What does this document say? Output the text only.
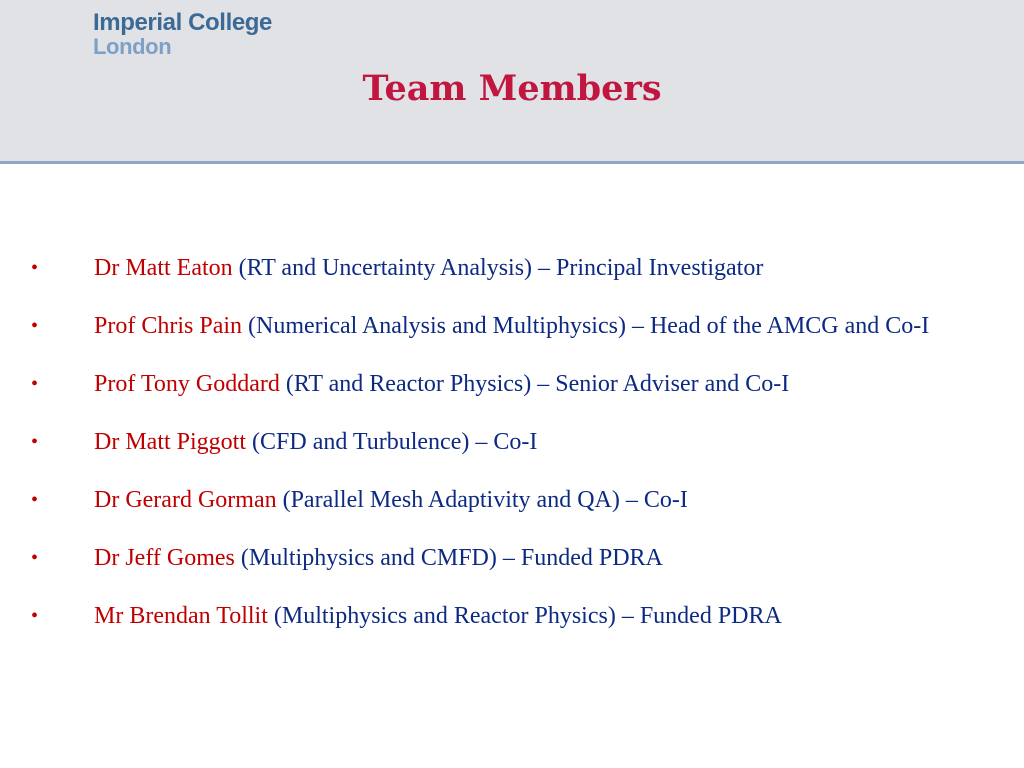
Imperial College
London
Team Members
• Dr Matt Eaton (RT and Uncertainty Analysis) – Principal Investigator
• Prof Chris Pain (Numerical Analysis and Multiphysics) – Head of the AMCG and Co-I
• Prof Tony Goddard (RT and Reactor Physics) – Senior Adviser and Co-I
• Dr Matt Piggott (CFD and Turbulence) – Co-I
• Dr Gerard Gorman (Parallel Mesh Adaptivity and QA) – Co-I
• Dr Jeff Gomes (Multiphysics and CMFD) – Funded PDRA
• Mr Brendan Tollit (Multiphysics and Reactor Physics) – Funded PDRA
